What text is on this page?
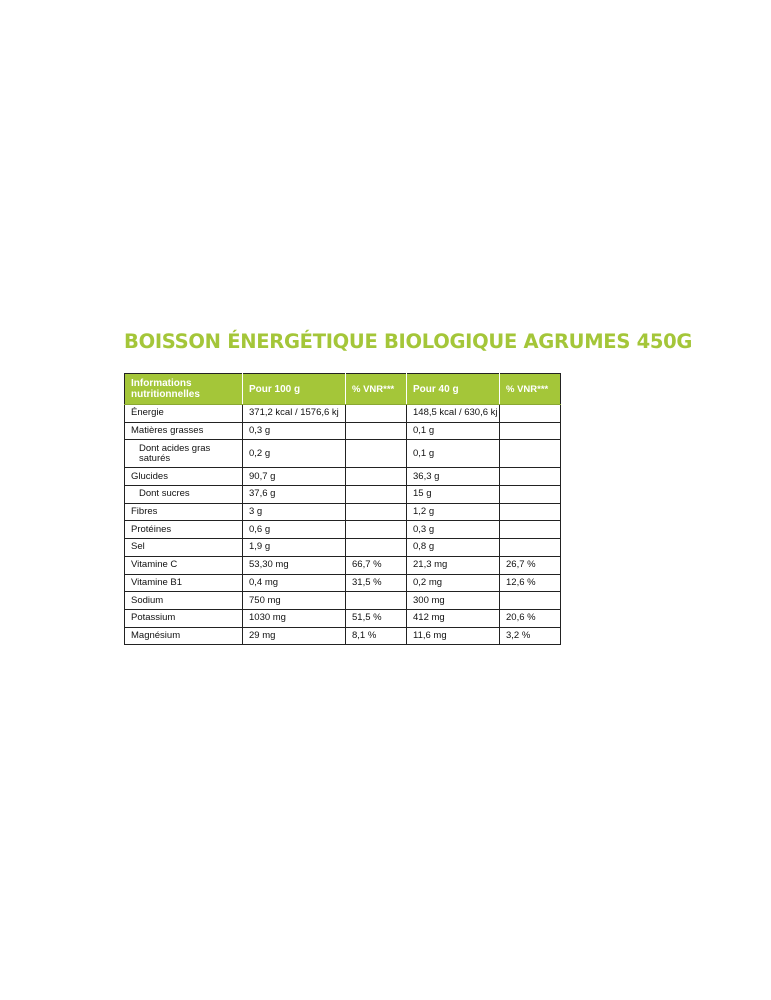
BOISSON ÉNERGÉTIQUE BIOLOGIQUE AGRUMES 450G
Informations nutritionnelles	Pour 100 g	% VNR***	Pour 40 g	% VNR***
Énergie	371,2 kcal / 1576,6 kj		148,5 kcal / 630,6 kj	
Matières grasses	0,3 g		0,1 g	
Dont acides gras saturés	0,2 g		0,1 g	
Glucides	90,7 g		36,3 g	
Dont sucres	37,6 g		15 g	
Fibres	3 g		1,2 g	
Protéines	0,6 g		0,3 g	
Sel	1,9 g		0,8 g	
Vitamine C	53,30 mg	66,7 %	21,3 mg	26,7 %
Vitamine B1	0,4 mg	31,5 %	0,2 mg	12,6 %
Sodium	750 mg		300 mg	
Potassium	1030 mg	51,5 %	412 mg	20,6 %
Magnésium	29 mg	8,1 %	11,6 mg	3,2 %
